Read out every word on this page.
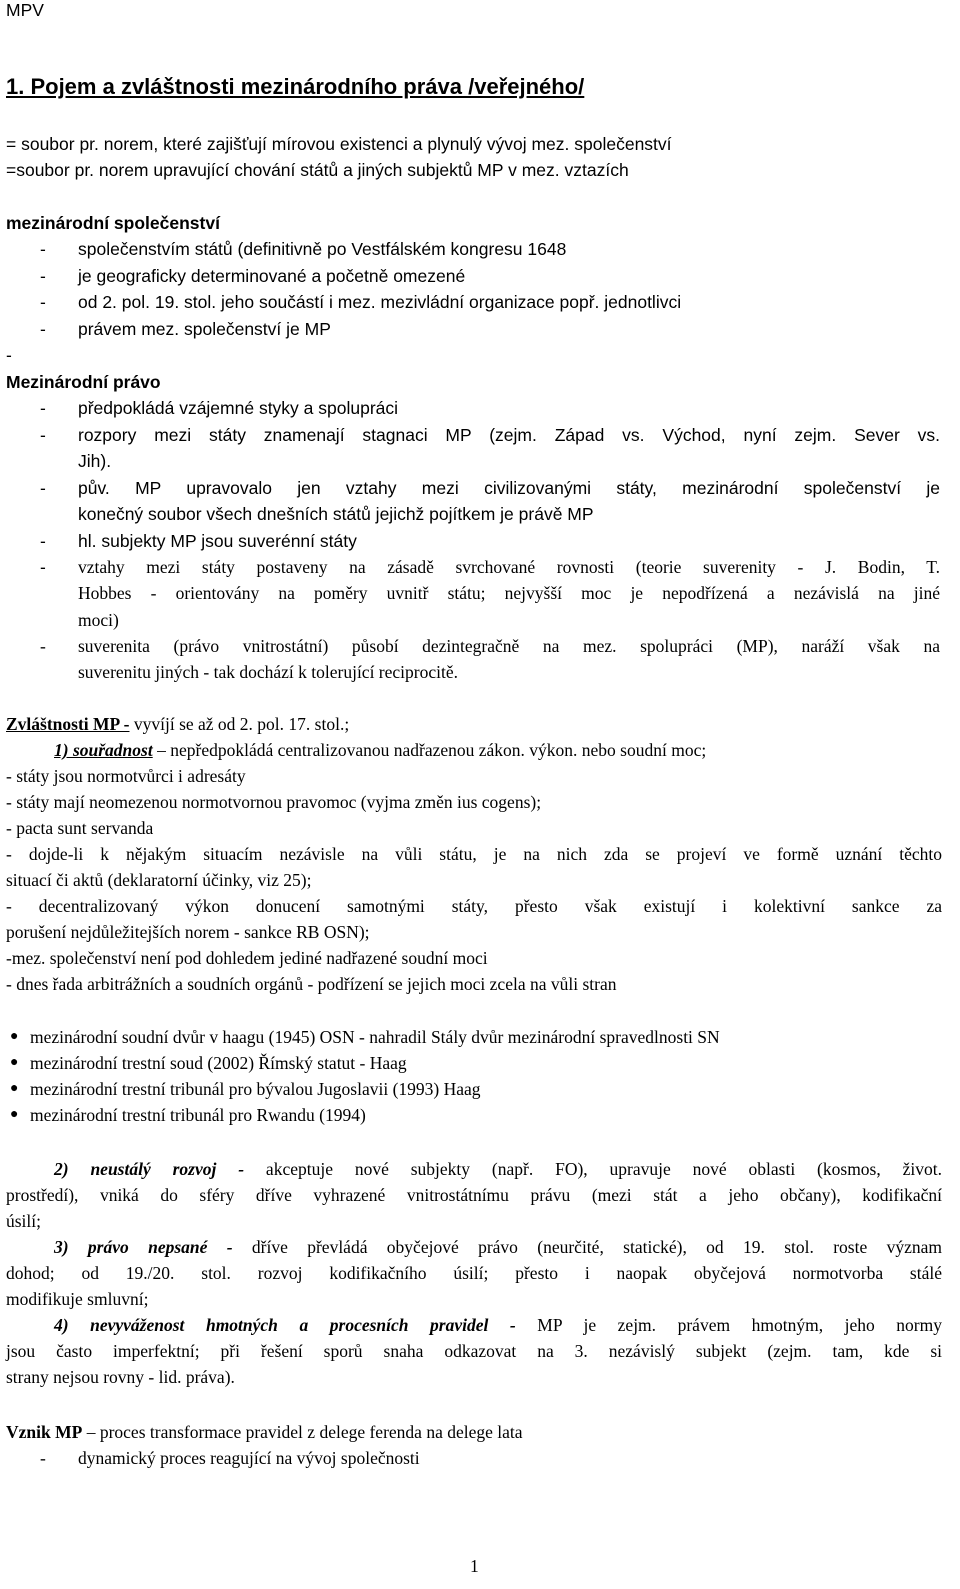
MPV
1. Pojem a zvláštnosti mezinárodního práva /veřejného/
= soubor pr. norem, které zajišťují mírovou existenci a plynulý vývoj mez. společenství
=soubor pr. norem upravující chování států a jiných subjektů MP v mez. vztazích
mezinárodní společenství
-	společenstvím států (definitivně po Vestfálském kongresu 1648
-	je geograficky determinované a početně omezené
-	od 2. pol. 19. stol. jeho součástí i mez. mezivládní organizace popř. jednotlivci
-	právem mez. společenství je MP
-
Mezinárodní právo
-	předpokládá vzájemné styky a spolupráci
-	rozpory mezi státy znamenají stagnaci MP (zejm. Západ vs. Východ, nyní zejm. Sever vs.
Jih).
-	pův. MP upravovalo jen vztahy mezi civilizovanými státy, mezinárodní společenství je
konečný soubor všech dnešních států jejichž pojítkem je právě MP
-	hl. subjekty MP jsou suverénní státy
-	vztahy mezi státy postaveny na zásadě svrchované rovnosti (teorie suverenity - J. Bodin, T.
Hobbes - orientovány na poměry uvnitř státu; nejvyšší moc je nepodřízená a nezávislá na jiné
moci)
-	suverenita (právo vnitrostátní) působí dezintegračně na mez. spolupráci (MP), naráží však na
suverenitu jiných - tak dochází k tolerující reciprocitě.
Zvláštnosti MP - vyvíjí se až od 2. pol. 17. stol.;
1) souřadnost – nepředpokládá centralizovanou nadřazenou zákon. výkon. nebo soudní moc;
- státy jsou normotvůrci i adresáty
- státy mají neomezenou normotvornou pravomoc (vyjma změn ius cogens);
- pacta sunt servanda
- dojde-li k nějakým situacím nezávisle na vůli státu, je na nich zda se projeví ve formě uznání těchto
situací či aktů (deklaratorní účinky, viz 25);
- decentralizovaný výkon donucení samotnými státy, přesto však existují i kolektivní sankce za
porušení nejdůležitejších norem - sankce RB OSN);
-mez. společenství není pod dohledem jediné nadřazené soudní moci
- dnes řada arbitrážních a soudních orgánů - podřízení se jejich moci zcela na vůli stran
● mezinárodní soudní dvůr v haagu (1945) OSN - nahradil Stály dvůr mezinárodní spravedlnosti SN
● mezinárodní trestní soud (2002) Římský statut - Haag
● mezinárodní trestní tribunál pro bývalou Jugoslavii (1993) Haag
● mezinárodní trestní tribunál pro Rwandu (1994)
2) neustálý rozvoj - akceptuje nové subjekty (např. FO), upravuje nové oblasti (kosmos, život.
prostředí), vniká do sféry dříve vyhrazené vnitrostátnímu právu (mezi stát a jeho občany), kodifikační
úsilí;
3) právo nepsané - dříve převládá obyčejové právo (neurčité, statické), od 19. stol. roste význam
dohod; od 19./20. stol. rozvoj kodifikačního úsilí; přesto i naopak obyčejová normotvorba stálé
modifikuje smluvní;
4) nevyváženost hmotných a procesních pravidel - MP je zejm. právem hmotným, jeho normy
jsou často imperfektní; při řešení sporů snaha odkazovat na 3. nezávislý subjekt (zejm. tam, kde si
strany nejsou rovny - lid. práva).
Vznik MP – proces transformace pravidel z delege ferenda na delege lata
-	dynamický proces reagující na vývoj společnosti
1
